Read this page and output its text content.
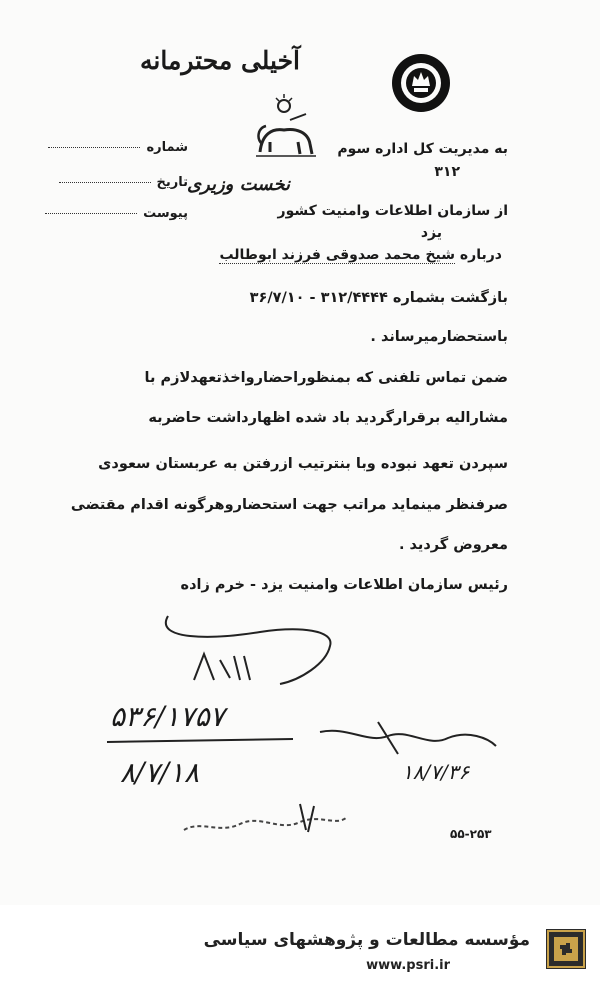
آخیلی محترمانه
شماره
تاریخ
پیوست
به مدیریت کل اداره سوم
۳۱۲
نخست وزیری
از سازمان اطلاعات وامنیت کشور
یزد
درباره شیخ محمد صدوقی فرزند ابوطالب
بازگشت بشماره ۳۱۲/۴۴۴۴ - ۳۶/۷/۱۰
باستحضارمیرساند .
ضمن تماس تلفنی که بمنظوراحضارواخذتعهدلازم با
مشارالیه برقرارگردید باد شده اظهارداشت حاضربه
سپردن تعهد نبوده وبا بنترتیب ازرفتن به عربستان سعودی
صرفنظر مینماید مراتب جهت استحضاروهرگونه اقدام مقتضی
معروض گردید .
رئیس سازمان اطلاعات وامنیت یزد - خرم زاده
۵۳۶/۱۷۵۷
۸/۷/۱۸	۱۸/۷/۳۶
۵۵-۲۵۳
مؤسسه مطالعات و پژوهشهای سیاسی
www.psri.ir
